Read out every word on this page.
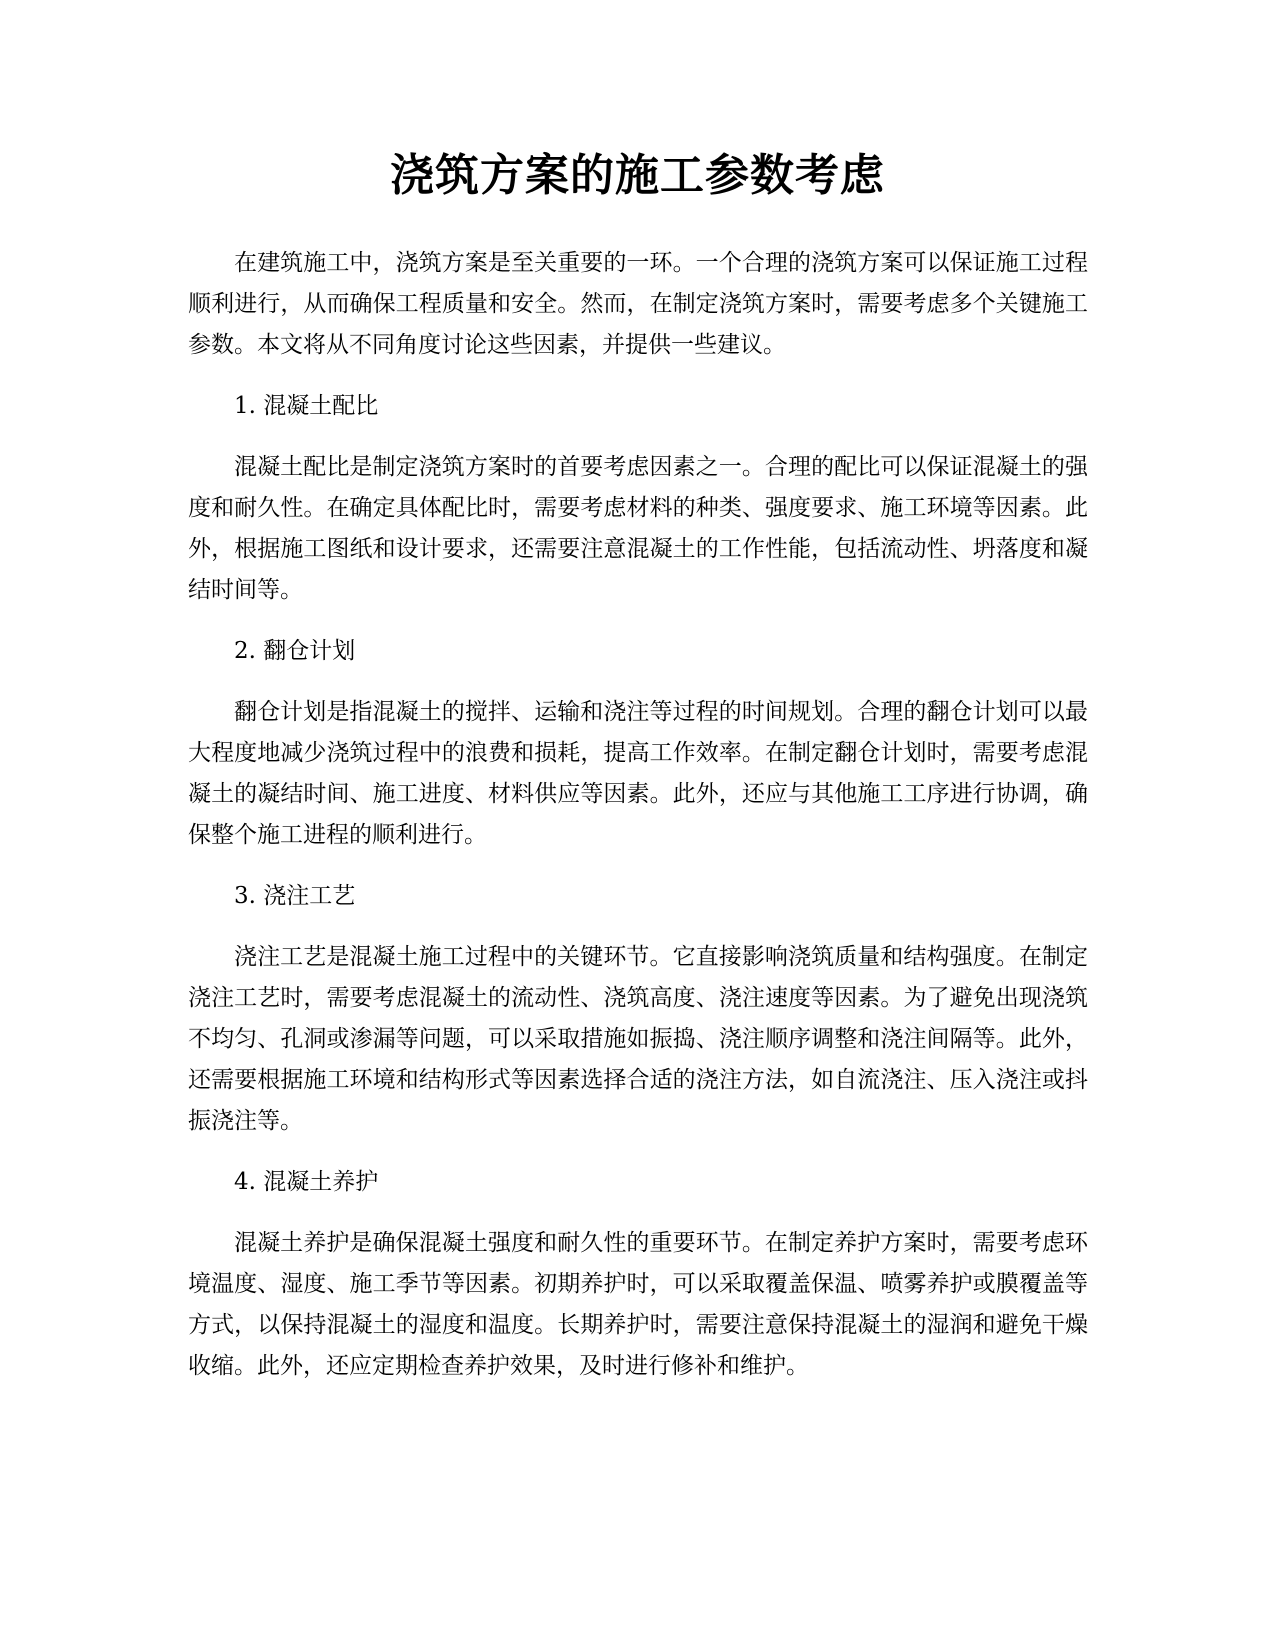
浇筑方案的施工参数考虑

在建筑施工中，浇筑方案是至关重要的一环。一个合理的浇筑方案可以保证施工过程顺利进行，从而确保工程质量和安全。然而，在制定浇筑方案时，需要考虑多个关键施工参数。本文将从不同角度讨论这些因素，并提供一些建议。

1. 混凝土配比

混凝土配比是制定浇筑方案时的首要考虑因素之一。合理的配比可以保证混凝土的强度和耐久性。在确定具体配比时，需要考虑材料的种类、强度要求、施工环境等因素。此外，根据施工图纸和设计要求，还需要注意混凝土的工作性能，包括流动性、坍落度和凝结时间等。

2. 翻仓计划

翻仓计划是指混凝土的搅拌、运输和浇注等过程的时间规划。合理的翻仓计划可以最大程度地减少浇筑过程中的浪费和损耗，提高工作效率。在制定翻仓计划时，需要考虑混凝土的凝结时间、施工进度、材料供应等因素。此外，还应与其他施工工序进行协调，确保整个施工进程的顺利进行。

3. 浇注工艺

浇注工艺是混凝土施工过程中的关键环节。它直接影响浇筑质量和结构强度。在制定浇注工艺时，需要考虑混凝土的流动性、浇筑高度、浇注速度等因素。为了避免出现浇筑不均匀、孔洞或渗漏等问题，可以采取措施如振捣、浇注顺序调整和浇注间隔等。此外，还需要根据施工环境和结构形式等因素选择合适的浇注方法，如自流浇注、压入浇注或抖振浇注等。

4. 混凝土养护

混凝土养护是确保混凝土强度和耐久性的重要环节。在制定养护方案时，需要考虑环境温度、湿度、施工季节等因素。初期养护时，可以采取覆盖保温、喷雾养护或膜覆盖等方式，以保持混凝土的湿度和温度。长期养护时，需要注意保持混凝土的湿润和避免干燥收缩。此外，还应定期检查养护效果，及时进行修补和维护。
